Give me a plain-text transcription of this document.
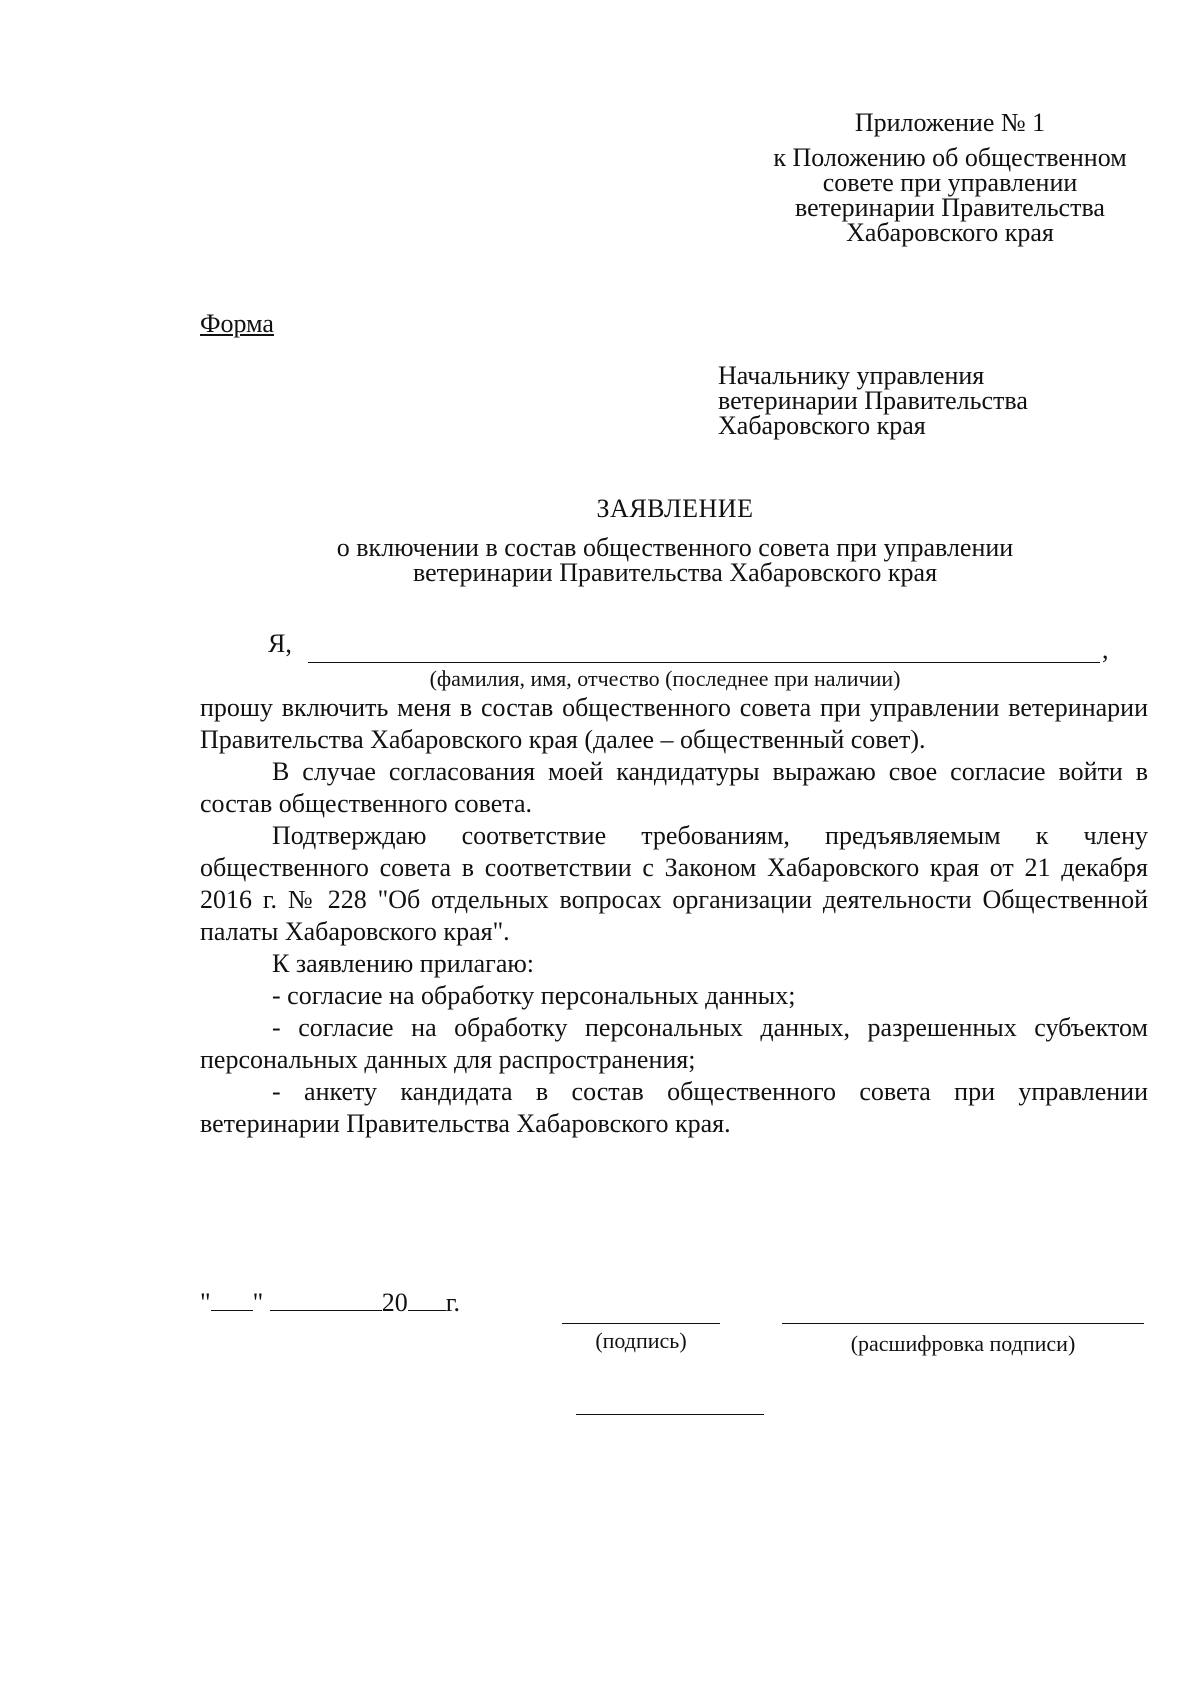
Приложение № 1
к Положению об общественном
совете при управлении
ветеринарии Правительства
Хабаровского края
Форма
Начальнику управления
ветеринарии Правительства
Хабаровского края
ЗАЯВЛЕНИЕ
о включении в состав общественного совета при управлении
ветеринарии Правительства Хабаровского края
Я,	,
(фамилия, имя, отчество (последнее при наличии)

прошу включить меня в состав общественного совета при управлении ветеринарии Правительства Хабаровского края (далее – общественный совет).

В случае согласования моей кандидатуры выражаю свое согласие войти в состав общественного совета.

Подтверждаю соответствие требованиям, предъявляемым к члену общественного совета в соответствии с Законом Хабаровского края от 21 декабря 2016 г. № 228 "Об отдельных вопросах организации деятельности Общественной палаты Хабаровского края".

К заявлению прилагаю:

- согласие на обработку персональных данных;

- согласие на обработку персональных данных, разрешенных субъектом персональных данных для распространения;

- анкету кандидата в состав общественного совета при управлении ветеринарии Правительства Хабаровского края.

" "	20 г.
(подпись)	(расшифровка подписи)
